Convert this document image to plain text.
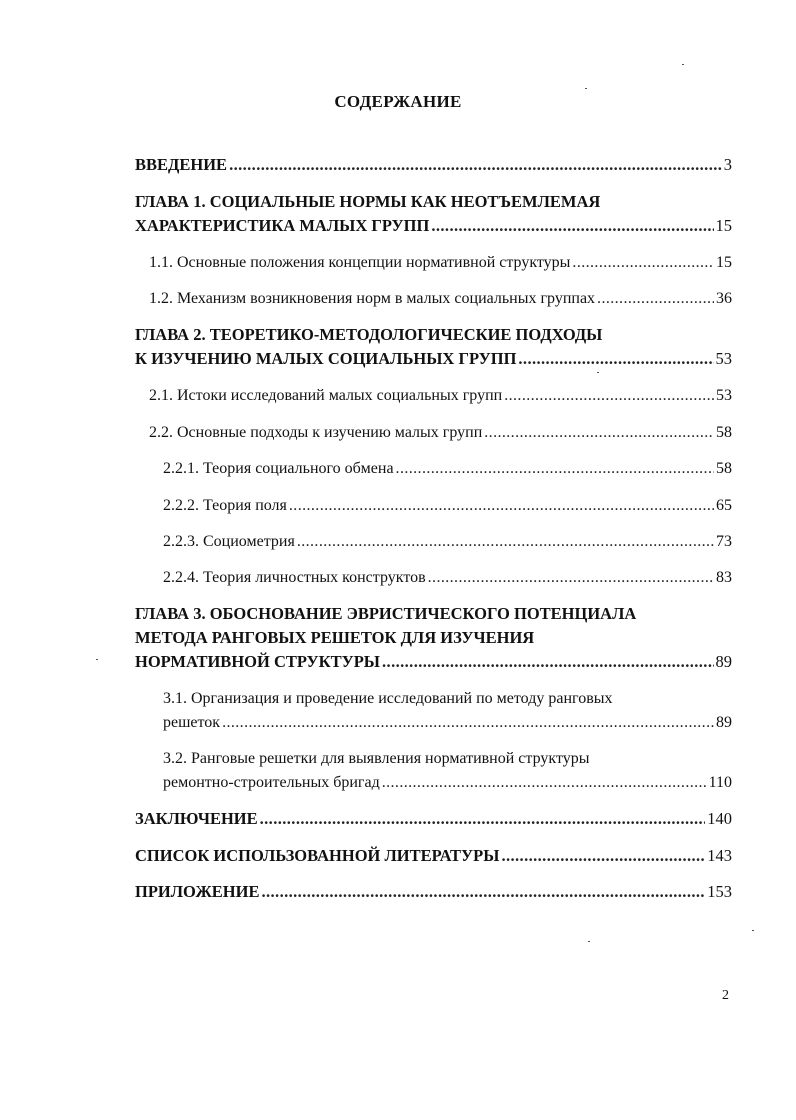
СОДЕРЖАНИЕ
ВВЕДЕНИЕ .....	3
ГЛАВА 1. СОЦИАЛЬНЫЕ НОРМЫ КАК НЕОТЪЕМЛЕМАЯ
ХАРАКТЕРИСТИКА МАЛЫХ ГРУПП .....	15
1.1. Основные положения концепции нормативной структуры .....	15
1.2. Механизм возникновения норм в малых социальных группах .....	36
ГЛАВА 2. ТЕОРЕТИКО-МЕТОДОЛОГИЧЕСКИЕ ПОДХОДЫ
К ИЗУЧЕНИЮ МАЛЫХ СОЦИАЛЬНЫХ ГРУПП .....	53
2.1. Истоки исследований малых социальных групп .....	53
2.2. Основные подходы к изучению малых групп .....	58
2.2.1. Теория социального обмена .....	58
2.2.2. Теория поля .....	65
2.2.3. Социометрия .....	73
2.2.4. Теория личностных конструктов .....	83
ГЛАВА 3. ОБОСНОВАНИЕ ЭВРИСТИЧЕСКОГО ПОТЕНЦИАЛА
МЕТОДА РАНГОВЫХ РЕШЕТОК ДЛЯ ИЗУЧЕНИЯ
НОРМАТИВНОЙ СТРУКТУРЫ .....	89
3.1. Организация и проведение исследований по методу ранговых
решеток .....	89
3.2. Ранговые решетки для выявления нормативной структуры
ремонтно-строительных бригад .....	110
ЗАКЛЮЧЕНИЕ .....	140
СПИСОК ИСПОЛЬЗОВАННОЙ ЛИТЕРАТУРЫ .....	143
ПРИЛОЖЕНИЕ .....	153
2
